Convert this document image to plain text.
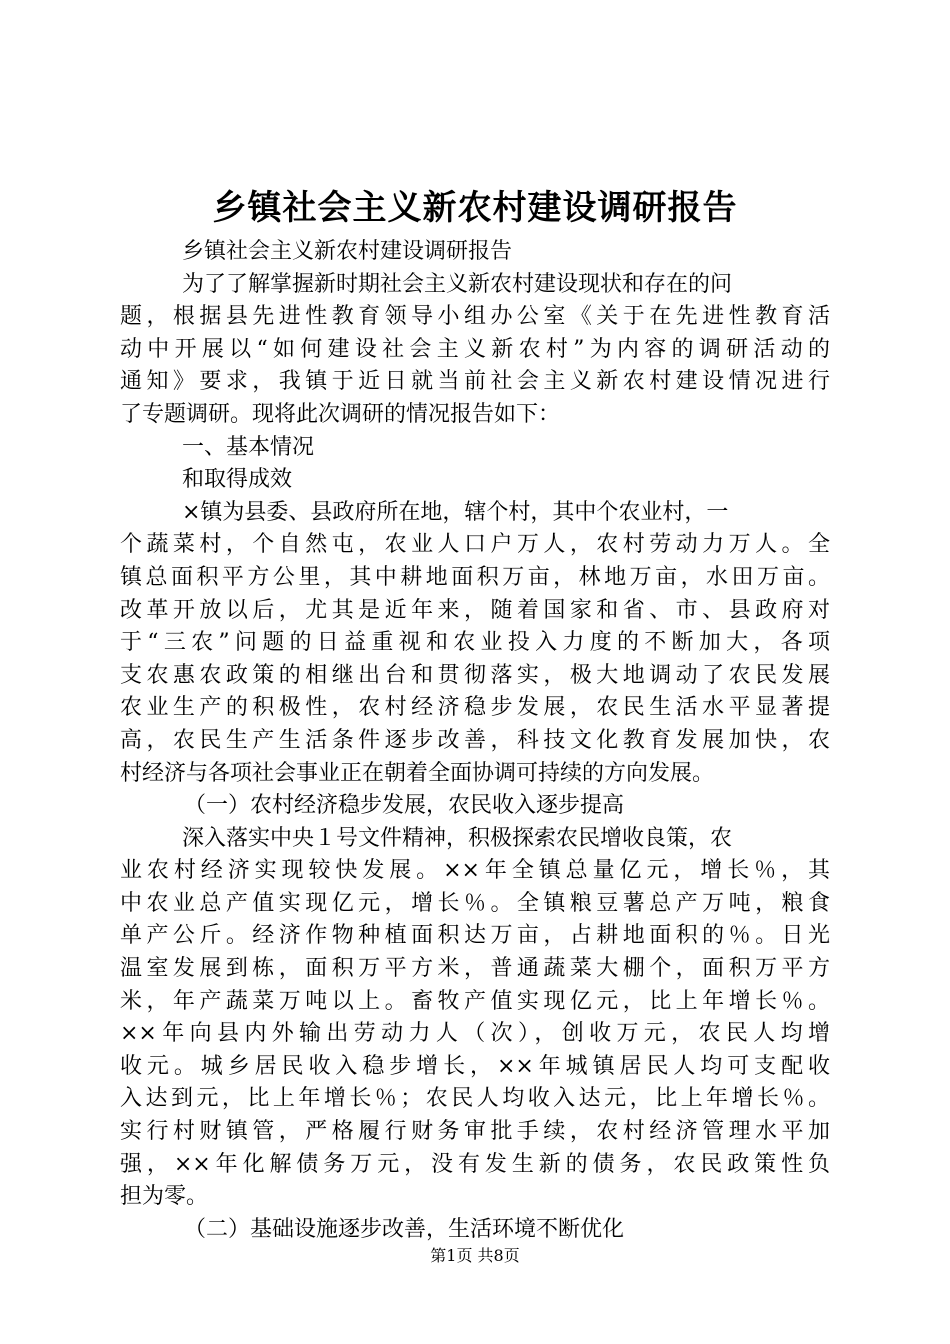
乡镇社会主义新农村建设调研报告
乡镇社会主义新农村建设调研报告
为了了解掌握新时期社会主义新农村建设现状和存在的问
题，根据县先进性教育领导小组办公室《关于在先进性教育活
动中开展以“如何建设社会主义新农村”为内容的调研活动的
通知》要求，我镇于近日就当前社会主义新农村建设情况进行
了专题调研。现将此次调研的情况报告如下：
一、基本情况
和取得成效
×镇为县委、县政府所在地，辖个村，其中个农业村，一
个蔬菜村，个自然屯，农业人口户万人，农村劳动力万人。全
镇总面积平方公里，其中耕地面积万亩，林地万亩，水田万亩。
改革开放以后，尤其是近年来，随着国家和省、市、县政府对
于“三农”问题的日益重视和农业投入力度的不断加大，各项
支农惠农政策的相继出台和贯彻落实，极大地调动了农民发展
农业生产的积极性，农村经济稳步发展，农民生活水平显著提
高，农民生产生活条件逐步改善，科技文化教育发展加快，农
村经济与各项社会事业正在朝着全面协调可持续的方向发展。
（一）农村经济稳步发展，农民收入逐步提高
深入落实中央１号文件精神，积极探索农民增收良策，农
业农村经济实现较快发展。××年全镇总量亿元，增长％，其
中农业总产值实现亿元，增长％。全镇粮豆薯总产万吨，粮食
单产公斤。经济作物种植面积达万亩，占耕地面积的％。日光
温室发展到栋，面积万平方米，普通蔬菜大棚个，面积万平方
米，年产蔬菜万吨以上。畜牧产值实现亿元，比上年增长％。
××年向县内外输出劳动力人（次），创收万元，农民人均增
收元。城乡居民收入稳步增长，××年城镇居民人均可支配收
入达到元，比上年增长％；农民人均收入达元，比上年增长％。
实行村财镇管，严格履行财务审批手续，农村经济管理水平加
强，××年化解债务万元，没有发生新的债务，农民政策性负
担为零。
（二）基础设施逐步改善，生活环境不断优化
第1页 共8页
